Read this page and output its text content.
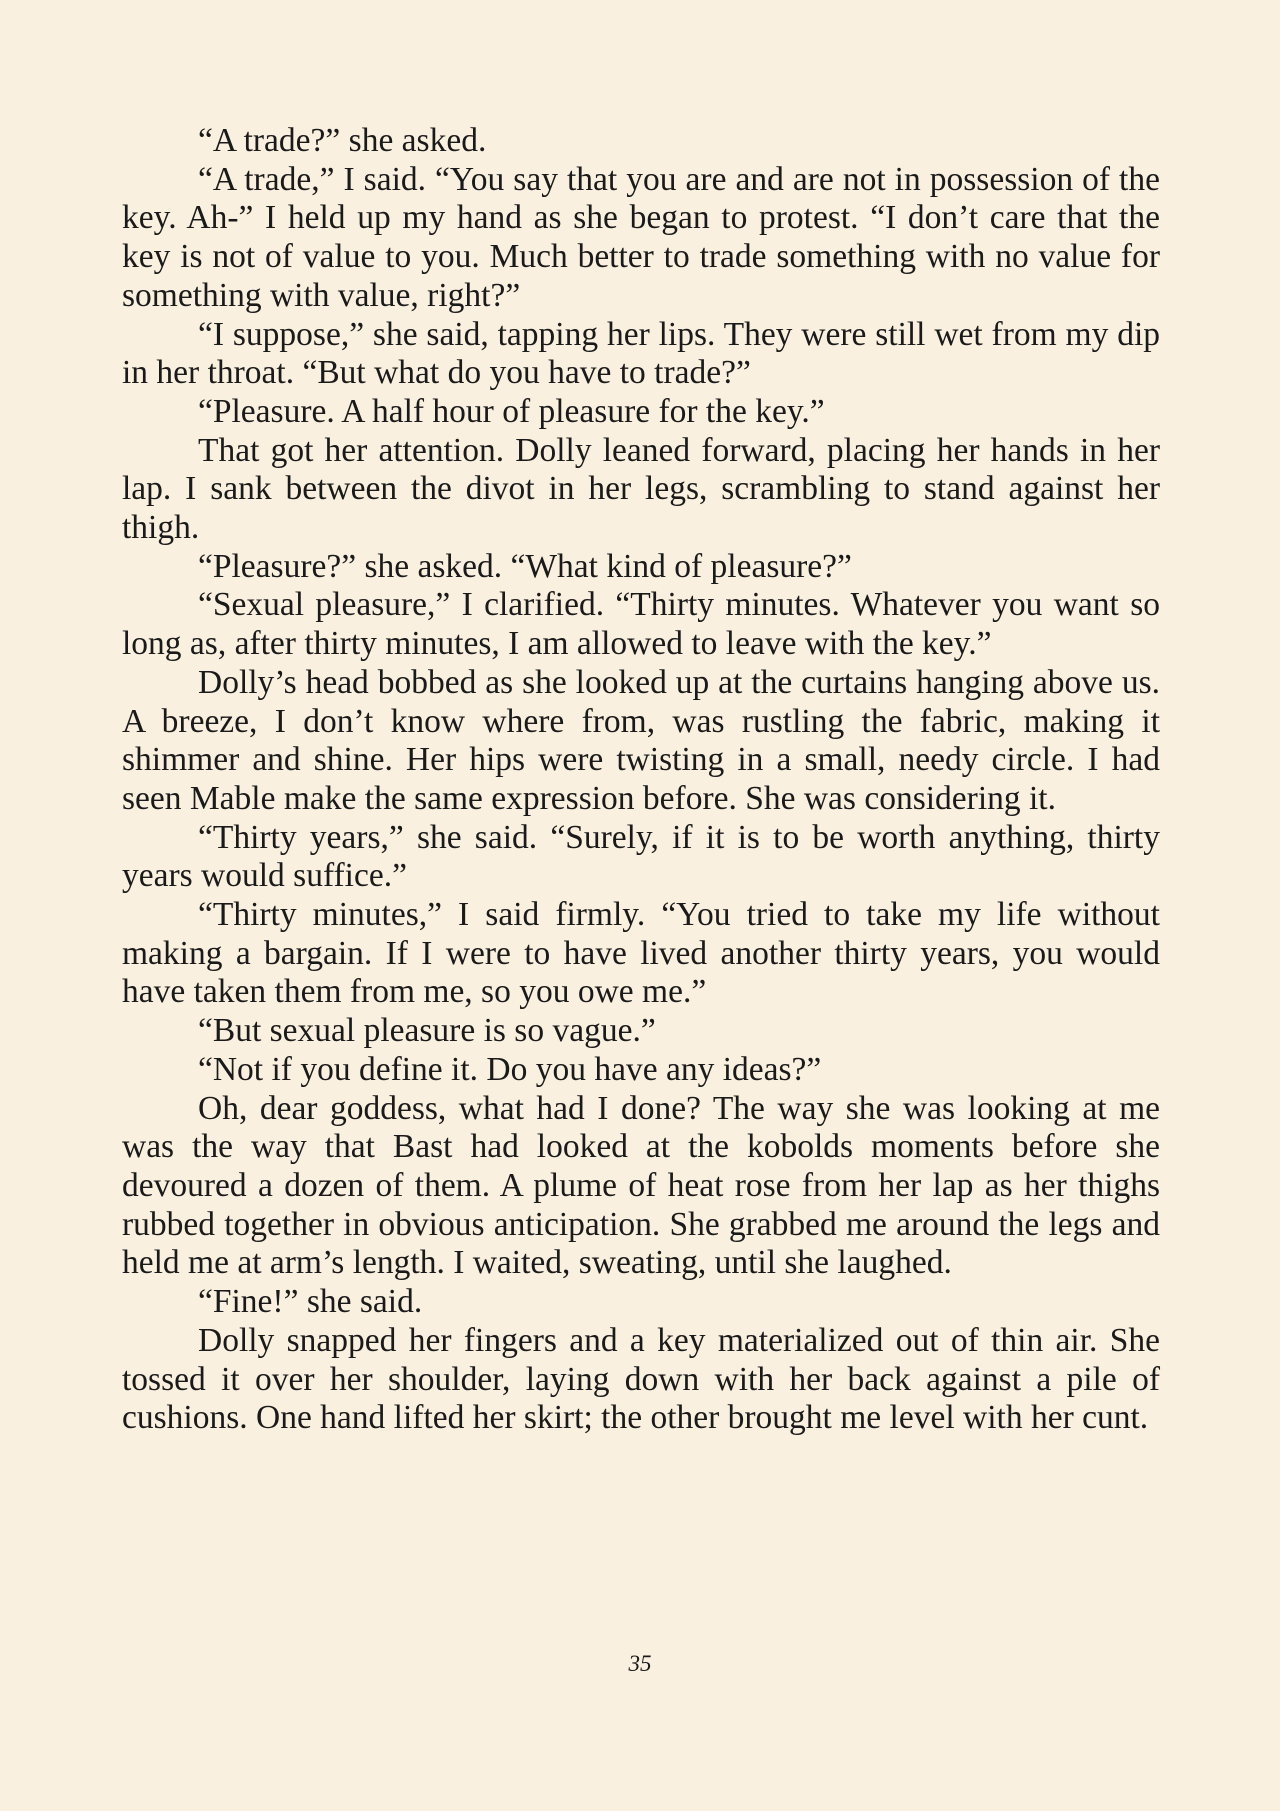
“A trade?” she asked.

“A trade,” I said. “You say that you are and are not in possession of the key. Ah-” I held up my hand as she began to protest. “I don’t care that the key is not of value to you. Much better to trade something with no value for something with value, right?”

“I suppose,” she said, tapping her lips. They were still wet from my dip in her throat. “But what do you have to trade?”

“Pleasure. A half hour of pleasure for the key.”

That got her attention. Dolly leaned forward, placing her hands in her lap. I sank between the divot in her legs, scrambling to stand against her thigh.

“Pleasure?” she asked. “What kind of pleasure?”

“Sexual pleasure,” I clarified. “Thirty minutes. Whatever you want so long as, after thirty minutes, I am allowed to leave with the key.”

Dolly’s head bobbed as she looked up at the curtains hanging above us. A breeze, I don’t know where from, was rustling the fabric, making it shimmer and shine. Her hips were twisting in a small, needy circle. I had seen Mable make the same expression before. She was considering it.

“Thirty years,” she said. “Surely, if it is to be worth anything, thirty years would suffice.”

“Thirty minutes,” I said firmly. “You tried to take my life without making a bargain. If I were to have lived another thirty years, you would have taken them from me, so you owe me.”

“But sexual pleasure is so vague.”

“Not if you define it. Do you have any ideas?”

Oh, dear goddess, what had I done? The way she was looking at me was the way that Bast had looked at the kobolds moments before she devoured a dozen of them. A plume of heat rose from her lap as her thighs rubbed together in obvious anticipation. She grabbed me around the legs and held me at arm’s length. I waited, sweating, until she laughed.

“Fine!” she said.

Dolly snapped her fingers and a key materialized out of thin air. She tossed it over her shoulder, laying down with her back against a pile of cushions. One hand lifted her skirt; the other brought me level with her cunt.

35
